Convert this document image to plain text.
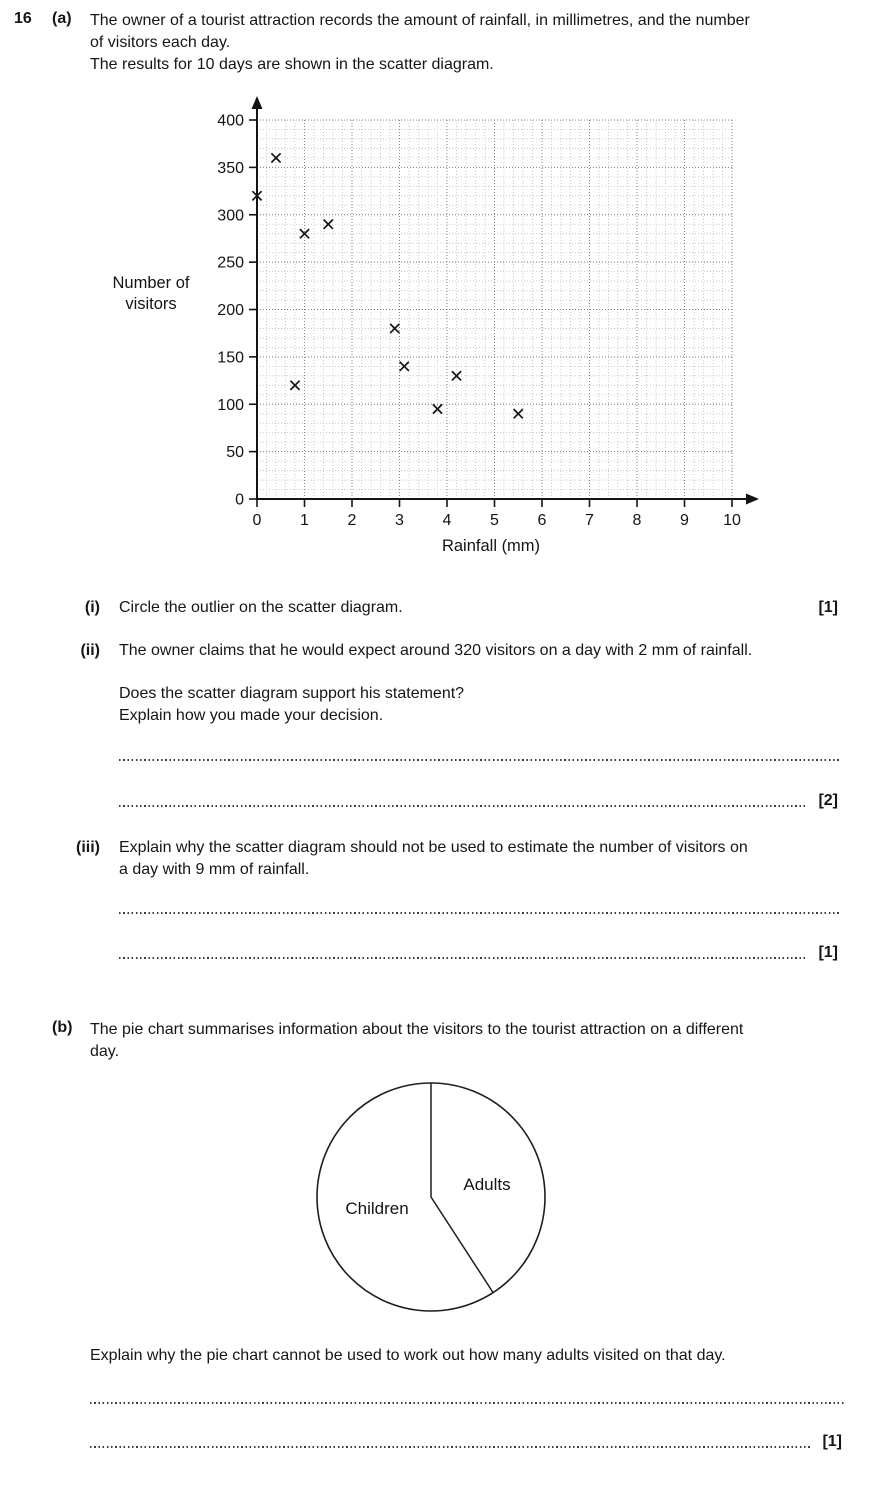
16 (a) The owner of a tourist attraction records the amount of rainfall, in millimetres, and the number
of visitors each day.
The results for 10 days are shown in the scatter diagram.
0
50
100
150
200
250
300
350
400
0 1 2 3 4 5 6 7 8 9 10
Rainfall (mm)
Number of
visitors
(i) Circle the outlier on the scatter diagram.	[1]
(ii) The owner claims that he would expect around 320 visitors on a day with 2 mm of rainfall.
Does the scatter diagram support his statement?
Explain how you made your decision.
[2]
(iii) Explain why the scatter diagram should not be used to estimate the number of visitors on
a day with 9 mm of rainfall.
[1]
(b) The pie chart summarises information about the visitors to the tourist attraction on a different
day.
Adults
Children
Explain why the pie chart cannot be used to work out how many adults visited on that day.
[1]
